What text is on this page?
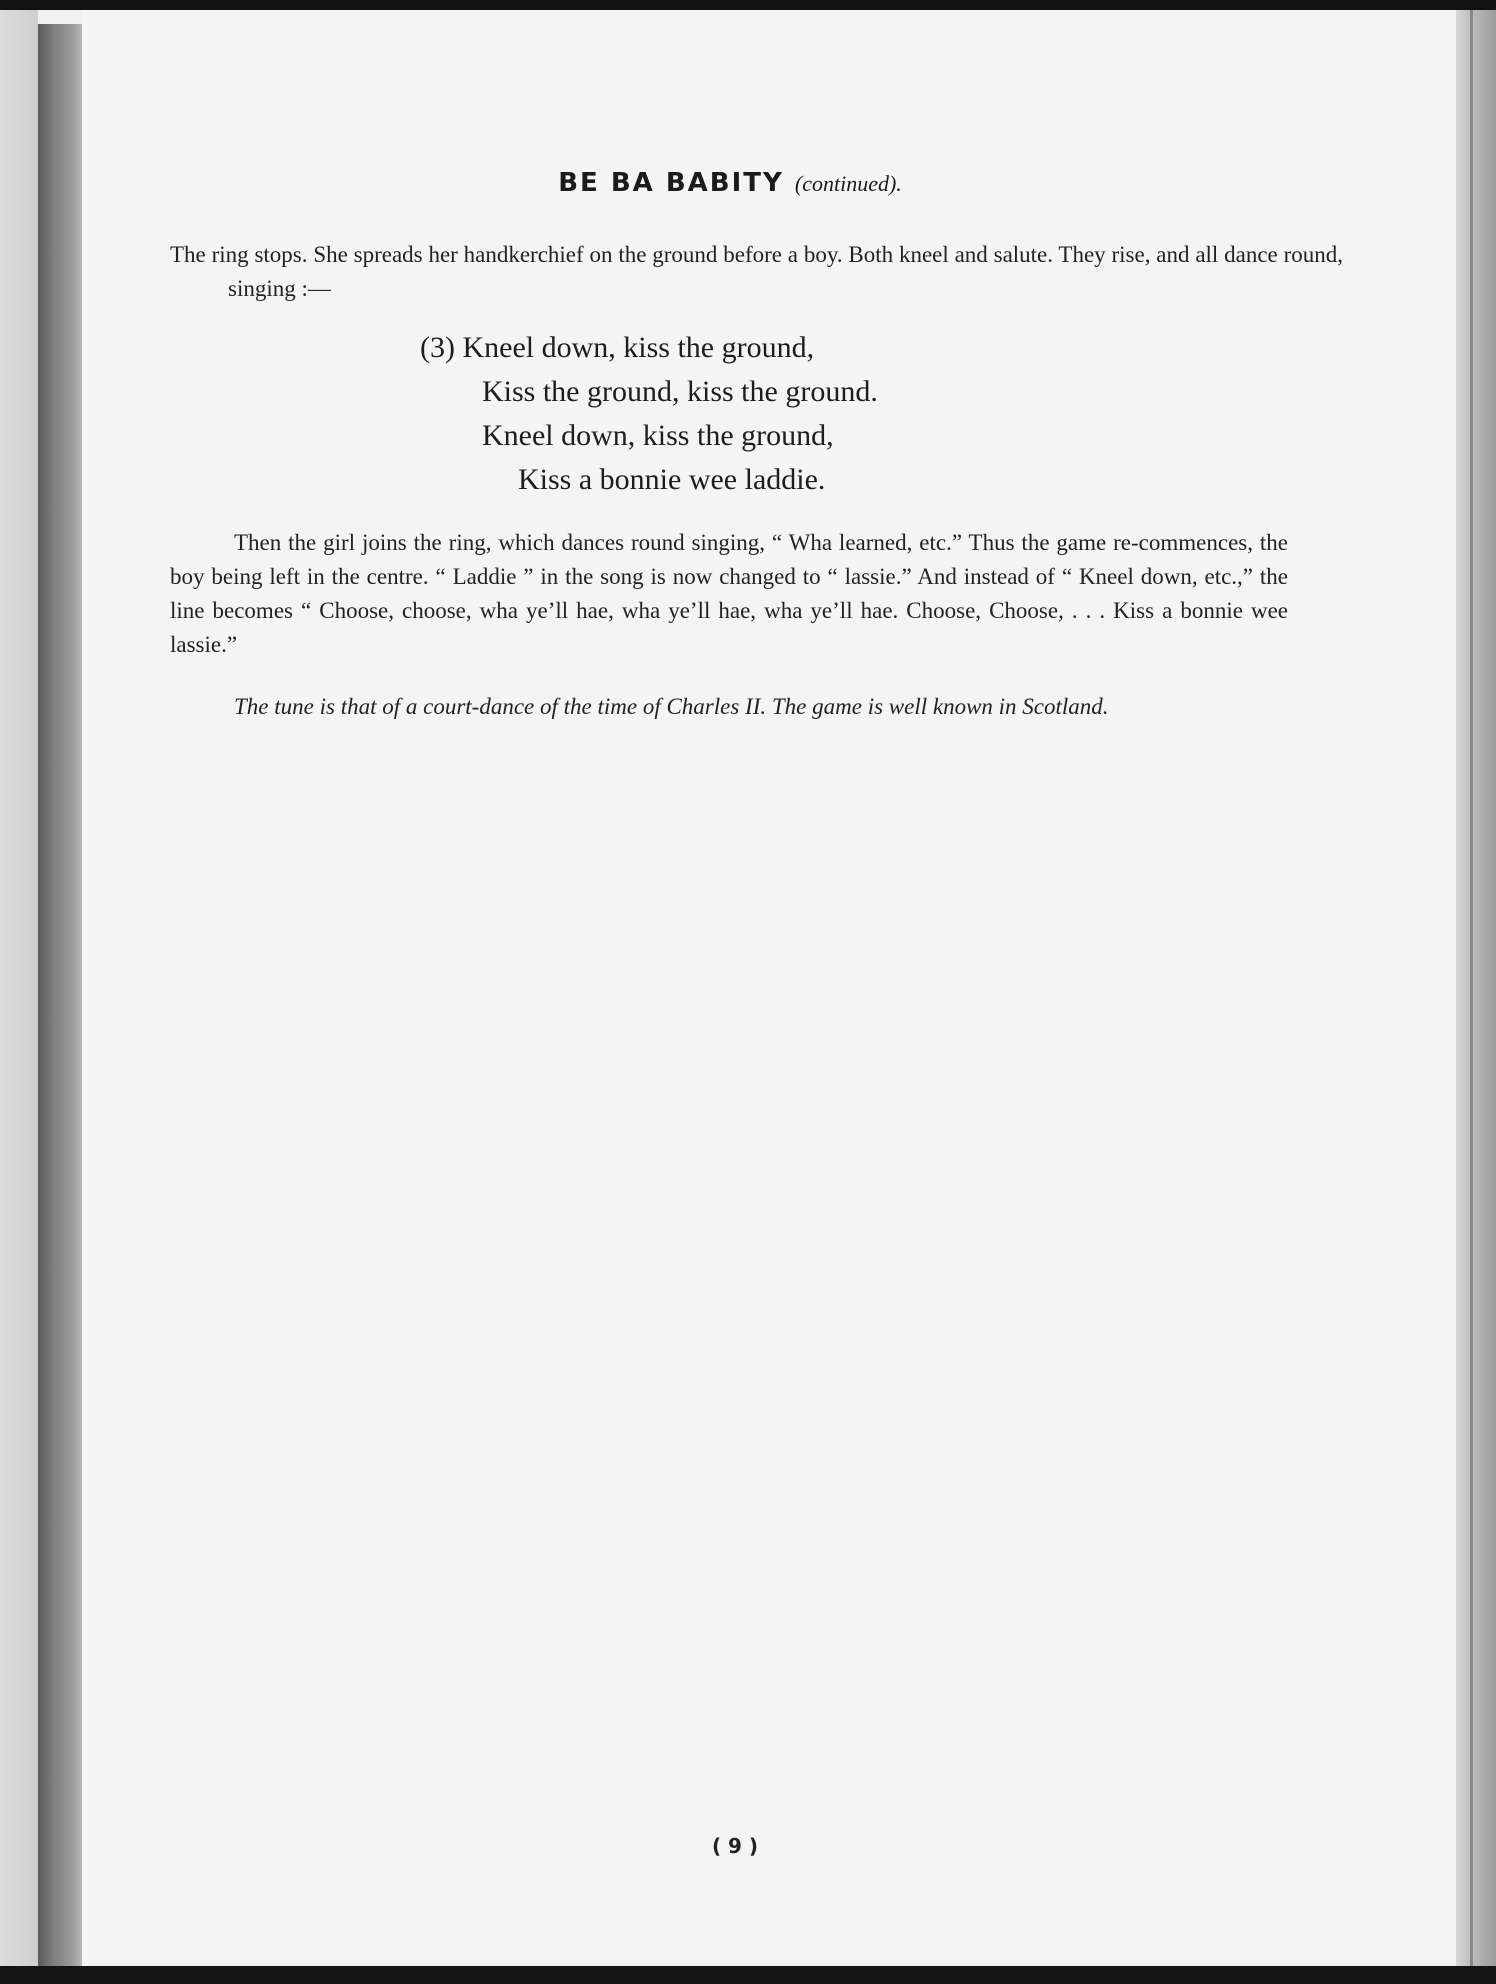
BE BA BABITY (continued).
The ring stops. She spreads her handkerchief on the ground before a boy. Both kneel and salute. They rise, and all dance round, singing :—
(3) Kneel down, kiss the ground,
Kiss the ground, kiss the ground.
Kneel down, kiss the ground,
Kiss a bonnie wee laddie.
Then the girl joins the ring, which dances round singing, “ Wha learned, etc.” Thus the game re-commences, the boy being left in the centre. “ Laddie ” in the song is now changed to “ lassie.” And instead of “ Kneel down, etc.,” the line becomes “ Choose, choose, wha ye’ll hae, wha ye’ll hae, wha ye’ll hae. Choose, Choose, . . . Kiss a bonnie wee lassie.”
The tune is that of a court-dance of the time of Charles II. The game is well known in Scotland.
( 9 )
